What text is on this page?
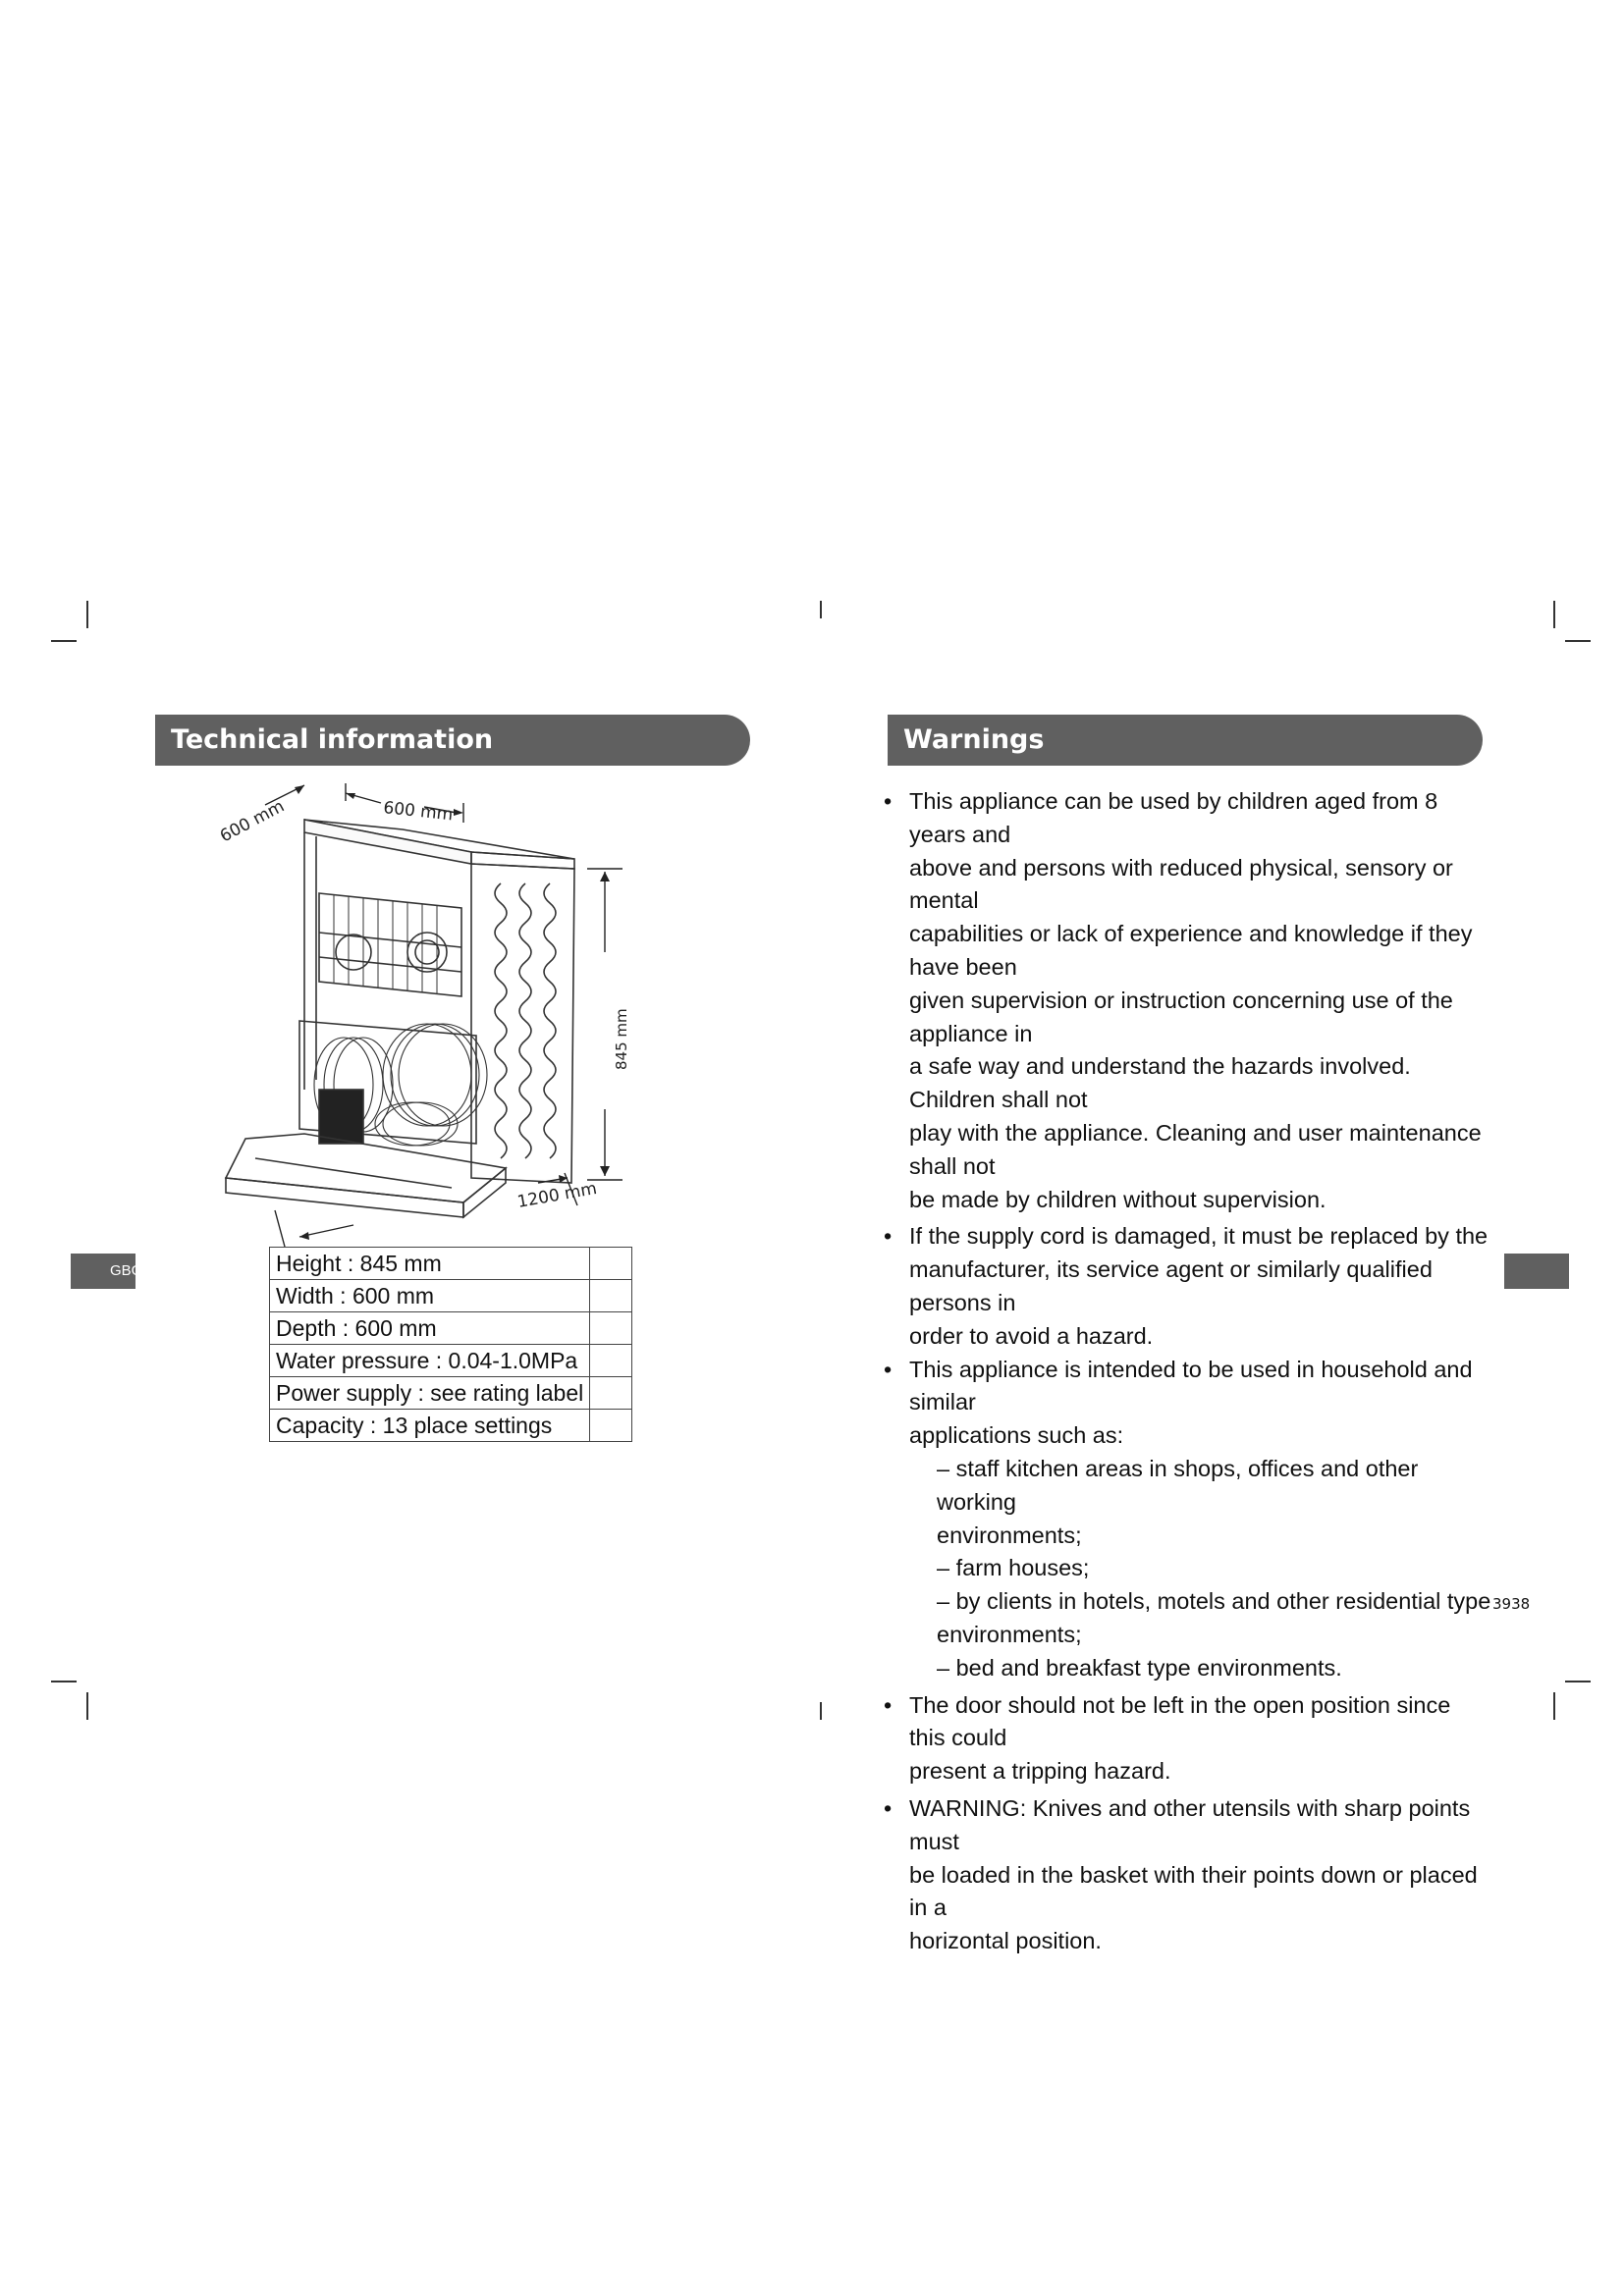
Technical information
GBG(
600 mm	600 mm
845 mm
1200 mm
Height : 845 mm	
Width : 600 mm	
Depth : 600 mm	
Water pressure : 0.04-1.0MPa	
Power supply : see rating label	
Capacity : 13 place settings	
Warnings
• This appliance can be used by children aged from 8 years and
above and persons with reduced physical, sensory or mental
capabilities or lack of experience and knowledge if they have been
given supervision or instruction concerning use of the appliance in
a safe way and understand the hazards involved. Children shall not
play with the appliance. Cleaning and user maintenance shall not
be made by children without supervision.
• If the supply cord is damaged, it must be replaced by the
manufacturer, its service agent or similarly qualified persons in
order to avoid a hazard.
• This appliance is intended to be used in household and similar
applications such as:
– staff kitchen areas in shops, offices and other working
environments;
– farm houses;
– by clients in hotels, motels and other residential type
environments;
– bed and breakfast type environments.
• The door should not be left in the open position since this could
present a tripping hazard.
• WARNING: Knives and other utensils with sharp points must
be loaded in the basket with their points down or placed in a
horizontal position.
3938
